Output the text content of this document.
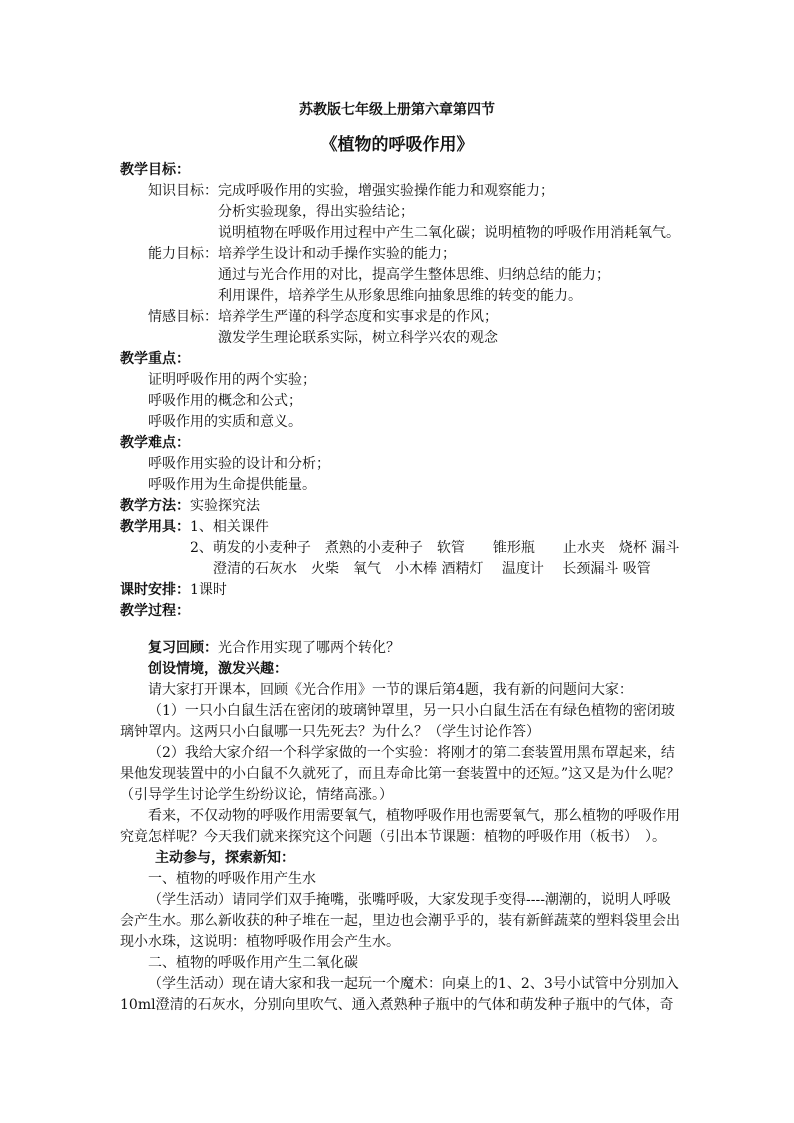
苏教版七年级上册第六章第四节
《植物的呼吸作用》
教学目标：
知识目标：完成呼吸作用的实验，增强实验操作能力和观察能力；
分析实验现象，得出实验结论；
说明植物在呼吸作用过程中产生二氧化碳；说明植物的呼吸作用消耗氧气。
能力目标：培养学生设计和动手操作实验的能力；
通过与光合作用的对比，提高学生整体思维、归纳总结的能力；
利用课件，培养学生从形象思维向抽象思维的转变的能力。
情感目标：培养学生严谨的科学态度和实事求是的作风；
激发学生理论联系实际，树立科学兴农的观念
教学重点：
证明呼吸作用的两个实验；
呼吸作用的概念和公式；
呼吸作用的实质和意义。
教学难点：
呼吸作用实验的设计和分析；
呼吸作用为生命提供能量。
教学方法：实验探究法
教学用具：1、相关课件
2、萌发的小麦种子　煮熟的小麦种子　软管　　锥形瓶　　止水夹　烧杯 漏斗
澄清的石灰水　火柴　氧气　小木棒 酒精灯　 温度计　 长颈漏斗 吸管
课时安排：1课时
教学过程：
复习回顾：光合作用实现了哪两个转化？
创设情境，激发兴趣：
请大家打开课本，回顾《光合作用》一节的课后第4题，我有新的问题问大家：
（1）一只小白鼠生活在密闭的玻璃钟罩里，另一只小白鼠生活在有绿色植物的密闭玻
璃钟罩内。这两只小白鼠哪一只先死去？为什么？（学生讨论作答）
（2）我给大家介绍一个科学家做的一个实验：将刚才的第二套装置用黑布罩起来，结
果他发现装置中的小白鼠不久就死了，而且寿命比第一套装置中的还短。”这又是为什么呢？
（引导学生讨论学生纷纷议论，情绪高涨。）
看来，不仅动物的呼吸作用需要氧气，植物呼吸作用也需要氧气，那么植物的呼吸作用
究竟怎样呢？今天我们就来探究这个问题（引出本节课题：植物的呼吸作用（板书）　）。
主动参与，探索新知：
一、植物的呼吸作用产生水
（学生活动）请同学们双手掩嘴，张嘴呼吸，大家发现手变得----潮潮的，说明人呼吸
会产生水。那么新收获的种子堆在一起，里边也会潮乎乎的，装有新鲜蔬菜的塑料袋里会出
现小水珠，这说明：植物呼吸作用会产生水。
二、植物的呼吸作用产生二氧化碳
（学生活动）现在请大家和我一起玩一个魔术：向桌上的1、2、3号小试管中分别加入
10ml澄清的石灰水，分别向里吹气、通入煮熟种子瓶中的气体和萌发种子瓶中的气体，奇
